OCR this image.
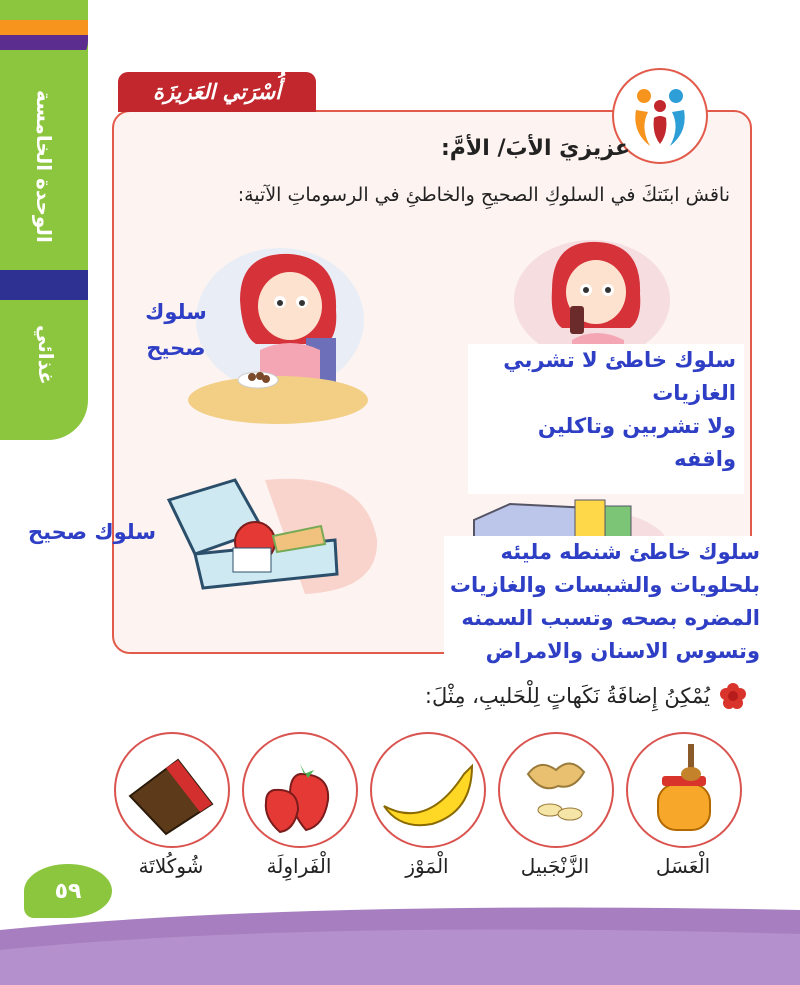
الوحدة الخامسة
غذائي
أُسْرَتي العَزيزَة
عزيزيَ الأبَ/ الأمَّ:
ناقش ابنَتكَ في السلوكِ الصحيحِ والخاطئِ في الرسوماتِ الآتية:
سلوك خاطئ لا تشربي
الغازيات
ولا تشربين وتاكلين
واقفه
سلوك
صحيح
سلوك خاطئ شنطه مليئه
بلحلويات والشبسات والغازيات
المضره بصحه وتسبب السمنه
وتسوس الاسنان والامراض
سلوك صحيح
يُمْكِنُ إِضافَةُ نَكَهاتٍ لِلْحَليبِ، مِثْلَ:
الْعَسَل
الزَّنْجَبيل
الْمَوْز
الْفَراوِلَة
شُوكُلاتَة
٥٩
